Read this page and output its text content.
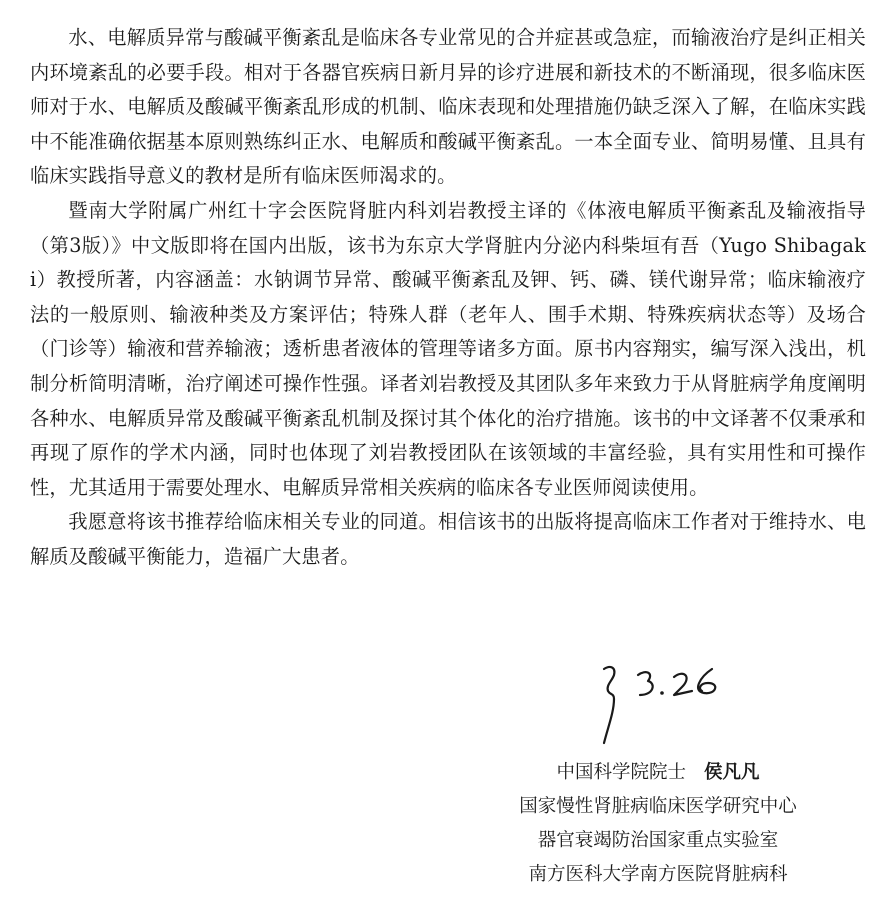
水、电解质异常与酸碱平衡紊乱是临床各专业常见的合并症甚或急症，而输液治疗是纠正相关内环境紊乱的必要手段。相对于各器官疾病日新月异的诊疗进展和新技术的不断涌现，很多临床医师对于水、电解质及酸碱平衡紊乱形成的机制、临床表现和处理措施仍缺乏深入了解，在临床实践中不能准确依据基本原则熟练纠正水、电解质和酸碱平衡紊乱。一本全面专业、简明易懂、且具有临床实践指导意义的教材是所有临床医师渴求的。

暨南大学附属广州红十字会医院肾脏内科刘岩教授主译的《体液电解质平衡紊乱及输液指导（第3版）》中文版即将在国内出版，该书为东京大学肾脏内分泌内科柴垣有吾（Yugo Shibagaki）教授所著，内容涵盖：水钠调节异常、酸碱平衡紊乱及钾、钙、磷、镁代谢异常；临床输液疗法的一般原则、输液种类及方案评估；特殊人群（老年人、围手术期、特殊疾病状态等）及场合（门诊等）输液和营养输液；透析患者液体的管理等诸多方面。原书内容翔实，编写深入浅出，机制分析简明清晰，治疗阐述可操作性强。译者刘岩教授及其团队多年来致力于从肾脏病学角度阐明各种水、电解质异常及酸碱平衡紊乱机制及探讨其个体化的治疗措施。该书的中文译著不仅秉承和再现了原作的学术内涵，同时也体现了刘岩教授团队在该领域的丰富经验，具有实用性和可操作性，尤其适用于需要处理水、电解质异常相关疾病的临床各专业医师阅读使用。

我愿意将该书推荐给临床相关专业的同道。相信该书的出版将提高临床工作者对于维持水、电解质及酸碱平衡能力，造福广大患者。

中国科学院院士 侯凡凡
国家慢性肾脏病临床医学研究中心
器官衰竭防治国家重点实验室
南方医科大学南方医院肾脏病科
